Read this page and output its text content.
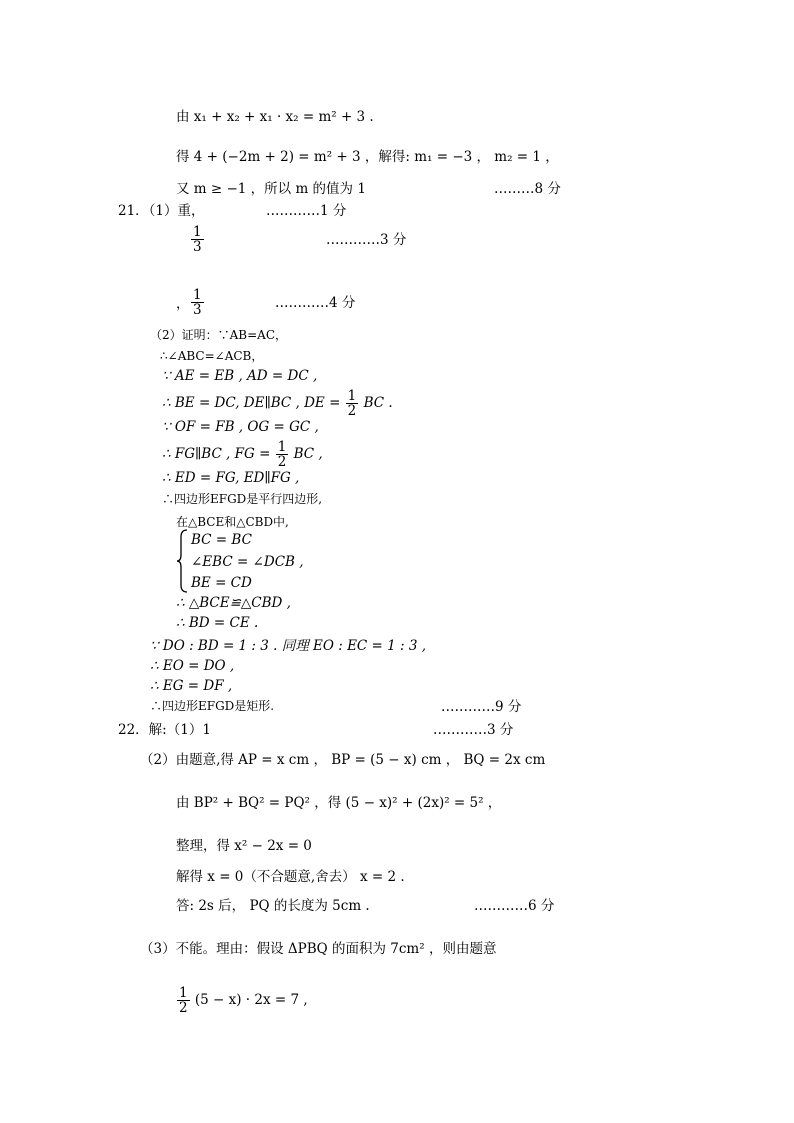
由 x₁ + x₂ + x₁ · x₂ = m² + 3 .
得 4 + (−2m + 2) = m² + 3 ，解得: m₁ = −3 ， m₂ = 1 ，
又 m ≥ −1 ，所以 m 的值为 1	………8 分
21．（1）重，	…………1 分
$\frac{1}{3}$	…………3 分
， $\frac{1}{3}$	…………4 分
（2）证明：∵AB=AC，
∴∠ABC=∠ACB，
∵ AE = EB , AD = DC ,
∴ BE = DC, DE∥BC , DE = $\frac{1}{2}$ BC .
∵ OF = FB , OG = GC ,
∴ FG∥BC , FG = $\frac{1}{2}$ BC ,
∴ ED = FG, ED∥FG ,
∴四边形EFGD是平行四边形,
在△BCE和△CBD中,
BC = BC
∠EBC = ∠DCB ,
BE = CD
∴ △BCE≌△CBD ,
∴ BD = CE .
∵ DO : BD = 1 : 3 . 同理 EO : EC = 1 : 3 ,
∴ EO = DO ,
∴ EG = DF ,
∴四边形EFGD是矩形.	…………9 分
22．解:（1）1	…………3 分
（2）由题意,得 AP = x cm ， BP = (5 − x) cm ， BQ = 2x cm
由 BP² + BQ² = PQ² ，得 (5 − x)² + (2x)² = 5² ，
整理，得 x² − 2x = 0
解得 x = 0（不合题意,舍去） x = 2 .
答: 2s 后， PQ 的长度为 5cm .	…………6 分
（3）不能。理由：假设 ΔPBQ 的面积为 7cm² ，则由题意
$\frac{1}{2} (5 - x) \cdot 2x = 7$ ,
